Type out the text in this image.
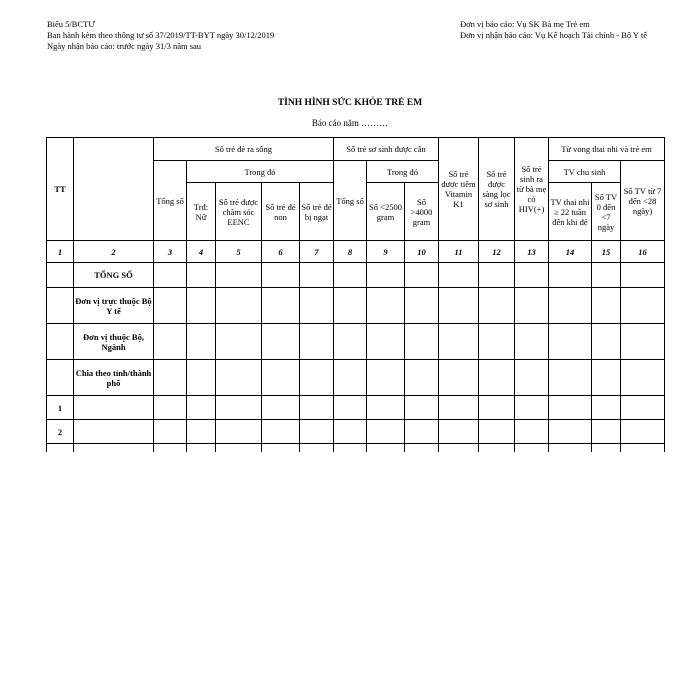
Biểu 5/BCTƯ
Ban hành kèm theo thông tư số 37/2019/TT-BYT ngày 30/12/2019
Ngày nhận báo cáo: trước ngày 31/3 năm sau
Đơn vị báo cáo: Vụ SK Bà mẹ Trẻ em
Đơn vị nhận báo cáo: Vụ Kế hoạch Tài chính - Bộ Y tế
TÌNH HÌNH SỨC KHỎE TRẺ EM
Báo cáo năm ………
TT		Số trẻ đẻ ra sống					Số trẻ sơ sinh được cân			Số trẻ được tiêm Vitamin K1	Số trẻ được sàng lọc sơ sinh	Số trẻ sinh ra từ bà mẹ có HIV(+)	Từ vong thai nhi và trẻ em		
		Tổng số	Trong đó				Tổng số	Trong đó					TV chu sinh		Số TV từ 7 đến <28 ngày)
			Trđ: Nữ	Số trẻ được chăm sóc EENC	Số trẻ đẻ non	Số trẻ đẻ bị ngạt		Số <2500 gram	Số >4000 gram				TV thai nhi ≥ 22 tuần đến khi đẻ	Số TV 0 đến <7 ngày	
1	2	3	4	5	6	7	8	9	10	11	12	13	14	15	16
	TỔNG SỐ														
	Đơn vị trực thuộc Bộ Y tế														
	Đơn vị thuộc Bộ, Ngành														
	Chia theo tỉnh/thành phố														
1															
2															
